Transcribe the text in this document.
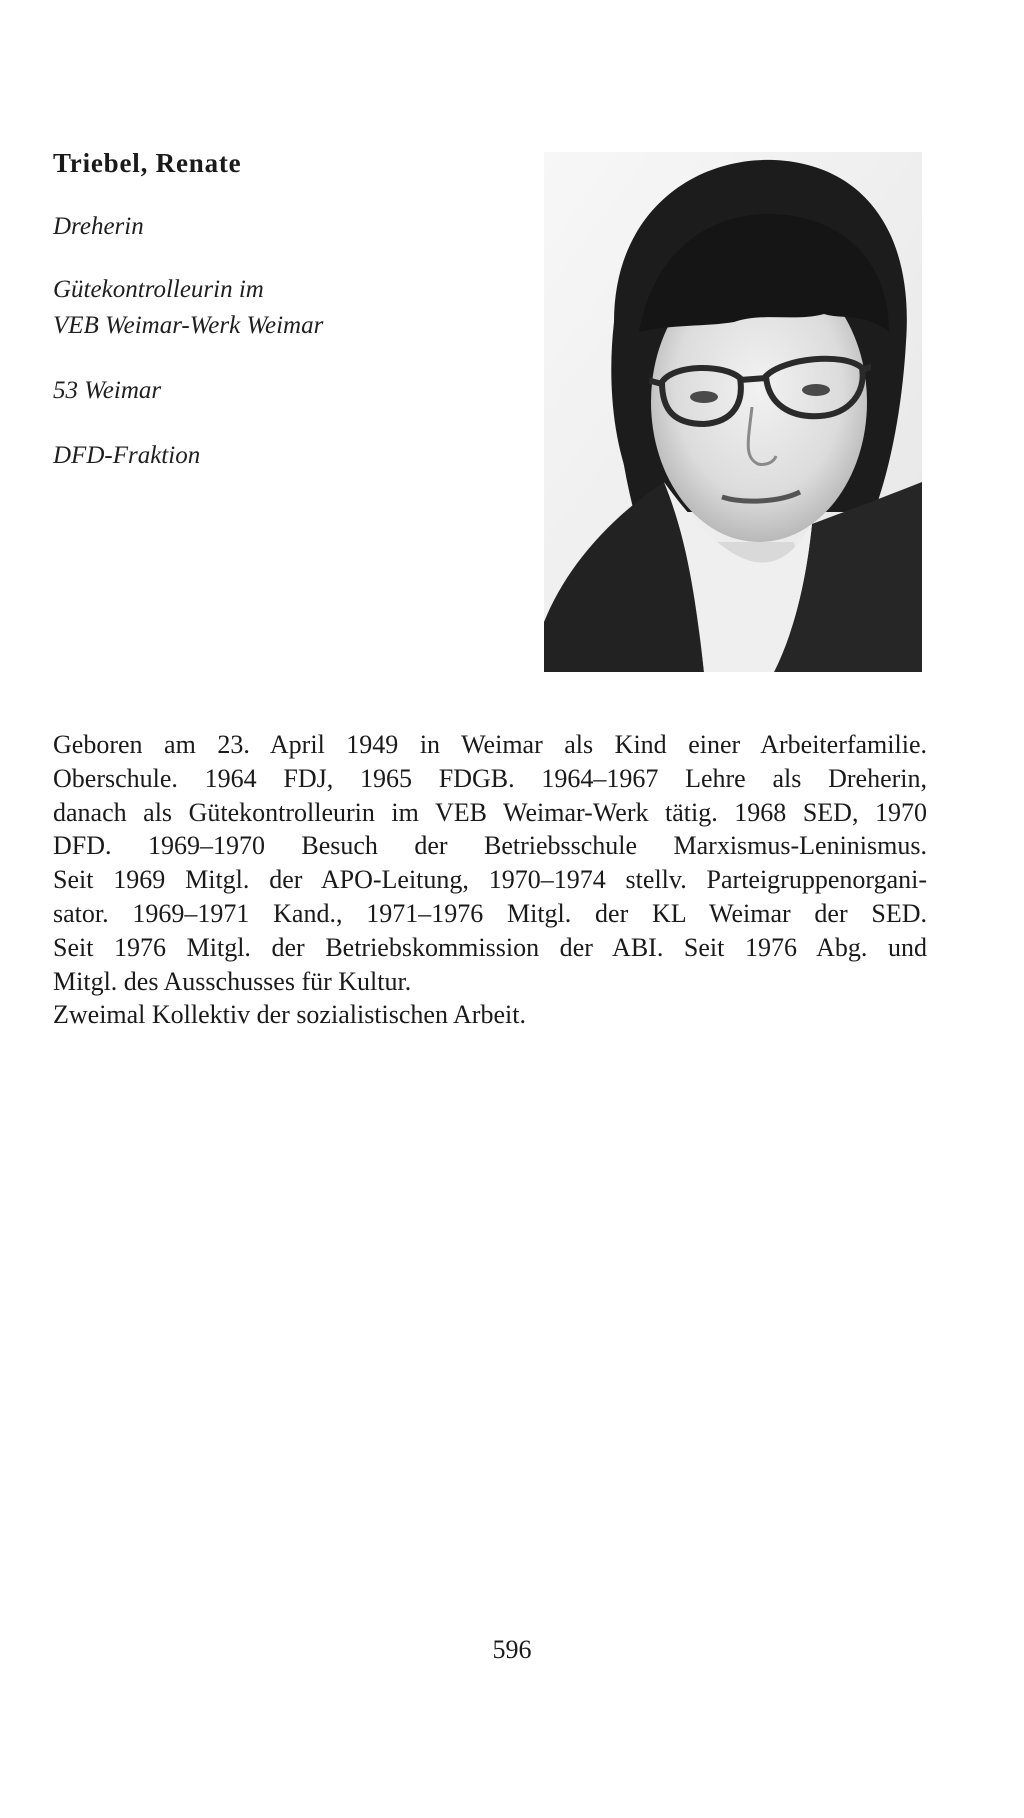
Triebel, Renate
Dreherin
Gütekontrolleurin im
VEB Weimar-Werk Weimar
53 Weimar
DFD-Fraktion
Geboren am 23. April 1949 in Weimar als Kind einer Arbeiterfamilie.
Oberschule. 1964 FDJ, 1965 FDGB. 1964–1967 Lehre als Dreherin,
danach als Gütekontrolleurin im VEB Weimar-Werk tätig. 1968 SED, 1970
DFD. 1969–1970 Besuch der Betriebsschule Marxismus-Leninismus.
Seit 1969 Mitgl. der APO-Leitung, 1970–1974 stellv. Parteigruppenorgani-
sator. 1969–1971 Kand., 1971–1976 Mitgl. der KL Weimar der SED.
Seit 1976 Mitgl. der Betriebskommission der ABI. Seit 1976 Abg. und
Mitgl. des Ausschusses für Kultur.
Zweimal Kollektiv der sozialistischen Arbeit.
596
